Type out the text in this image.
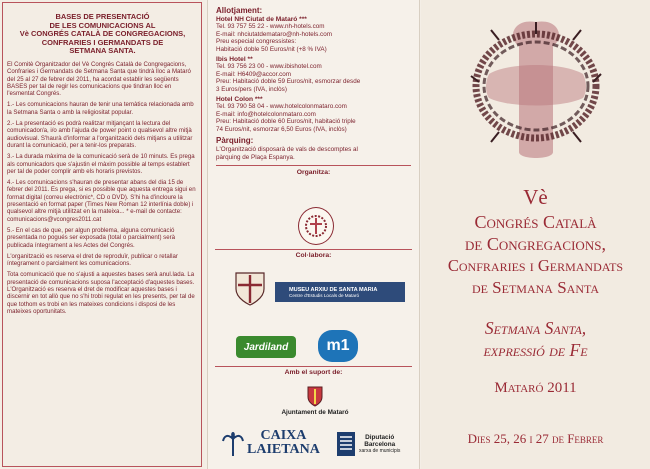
BASES DE PRESENTACIÓ
DE LES COMUNICACIONS AL
Vè CONGRÉS CATALÀ DE CONGREGACIONS,
CONFRARIES I GERMANDATS DE
SETMANA SANTA.

El Comitè Organitzador del Vè Congrés Català de Congregacions, Confraries i Germandats de Setmana Santa que tindrà lloc a Mataró del 25 al 27 de febrer del 2011, ha acordat establir les següents BASES per tal de regir les comunicacions que tindran lloc en l'esmentat Congrés.

1.- Les comunicacions hauran de tenir una temàtica relacionada amb la Setmana Santa o amb la religiositat popular.

2.- La presentació es podrà realitzar mitjançant la lectura del comunicador/a, i/o amb l'ajuda de power point o qualsevol altre mitjà audiovisual. S'haurà d'informar a l'organització dels mitjans a utilitzar durant la comunicació, per a tenir-los preparats.

3.- La durada màxima de la comunicació serà de 10 minuts. Es prega als comunicadors que s'ajustin el màxim possible al temps establert per tal de poder complir amb els horaris previstos.

4.- Les comunicacions s'hauran de presentar abans del dia 15 de febrer del 2011. Es prega, si es possible que aquesta entrega sigui en format digital (correu electrònic*, CD o DVD). S'hi ha d'incloure la presentació en format paper (Times New Roman 12 interlínia doble) i qualsevol altre mitjà utilitzat en la mateixa... * e-mail de contacte: comunicacions@vcongres2011.cat

5.- En el cas de que, per algun problema, alguna comunicació presentada no pogués ser exposada (total o parcialment) serà publicada íntegrament a les Actes del Congrés.

L'organització es reserva el dret de reproduïr, publicar o retallar íntegrament o parcialment les comunicacions.

Tota comunicació que no s'ajusti a aquestes bases serà anul.lada. La presentació de comunicacions suposa l'acceptació d'aquestes bases. L'Organització es reserva el dret de modificar aquestes bases i discernir en tot allò que no s'hi trobi regulat en les presents, per tal de que tothom es trobi en les mateixes condicions i disposi de les mateixes oportunitats.

Allotjament:
Hotel NH Ciutat de Mataró ***
Tel. 93 757 55 22 - www.nh-hotels.com
E-mail: nhciutatdemataro@nh-hotels.com
Preu especial congressistes:
Habitació doble 50 Euros/nit (+8 % IVA)
Ibis Hotel **
Tel. 93 756 23 00 - www.ibishotel.com
E-mail: H6409@accor.com
Preu: Habitació doble 59 Euros/nit, esmorzar desde
3 Euros/pers (IVA, inclòs)
Hotel Colon ***
Tel. 93 790 58 04 - www.hotelcolonmataro.com
E-mail: info@hotelcolonmataro.com
Preu: Habitació doble 60 Euros/nit, habitació triple
74 Euros/nit, esmorzar 6,50 Euros (IVA, inclòs)
Pàrquing:
L'Organització disposarà de vals de descomptes al
pàrquing de Plaça Espanya.
Organitza:
Col·labora:
MUSEU ARXIU DE SANTA MARIA
Centre d'Estudis Locals de Mataró
Jardiland m1
Amb el suport de:
Ajuntament de Mataró
CAIXA
LAIETANA
Diputació
Barcelona
xarxa de municipis
Vè
Congrés Català
de Congregacions,
Confraries i Germandats
de Setmana Santa
Setmana Santa,
expressió de Fe
Mataró 2011
Dies 25, 26 i 27 de Febrer
